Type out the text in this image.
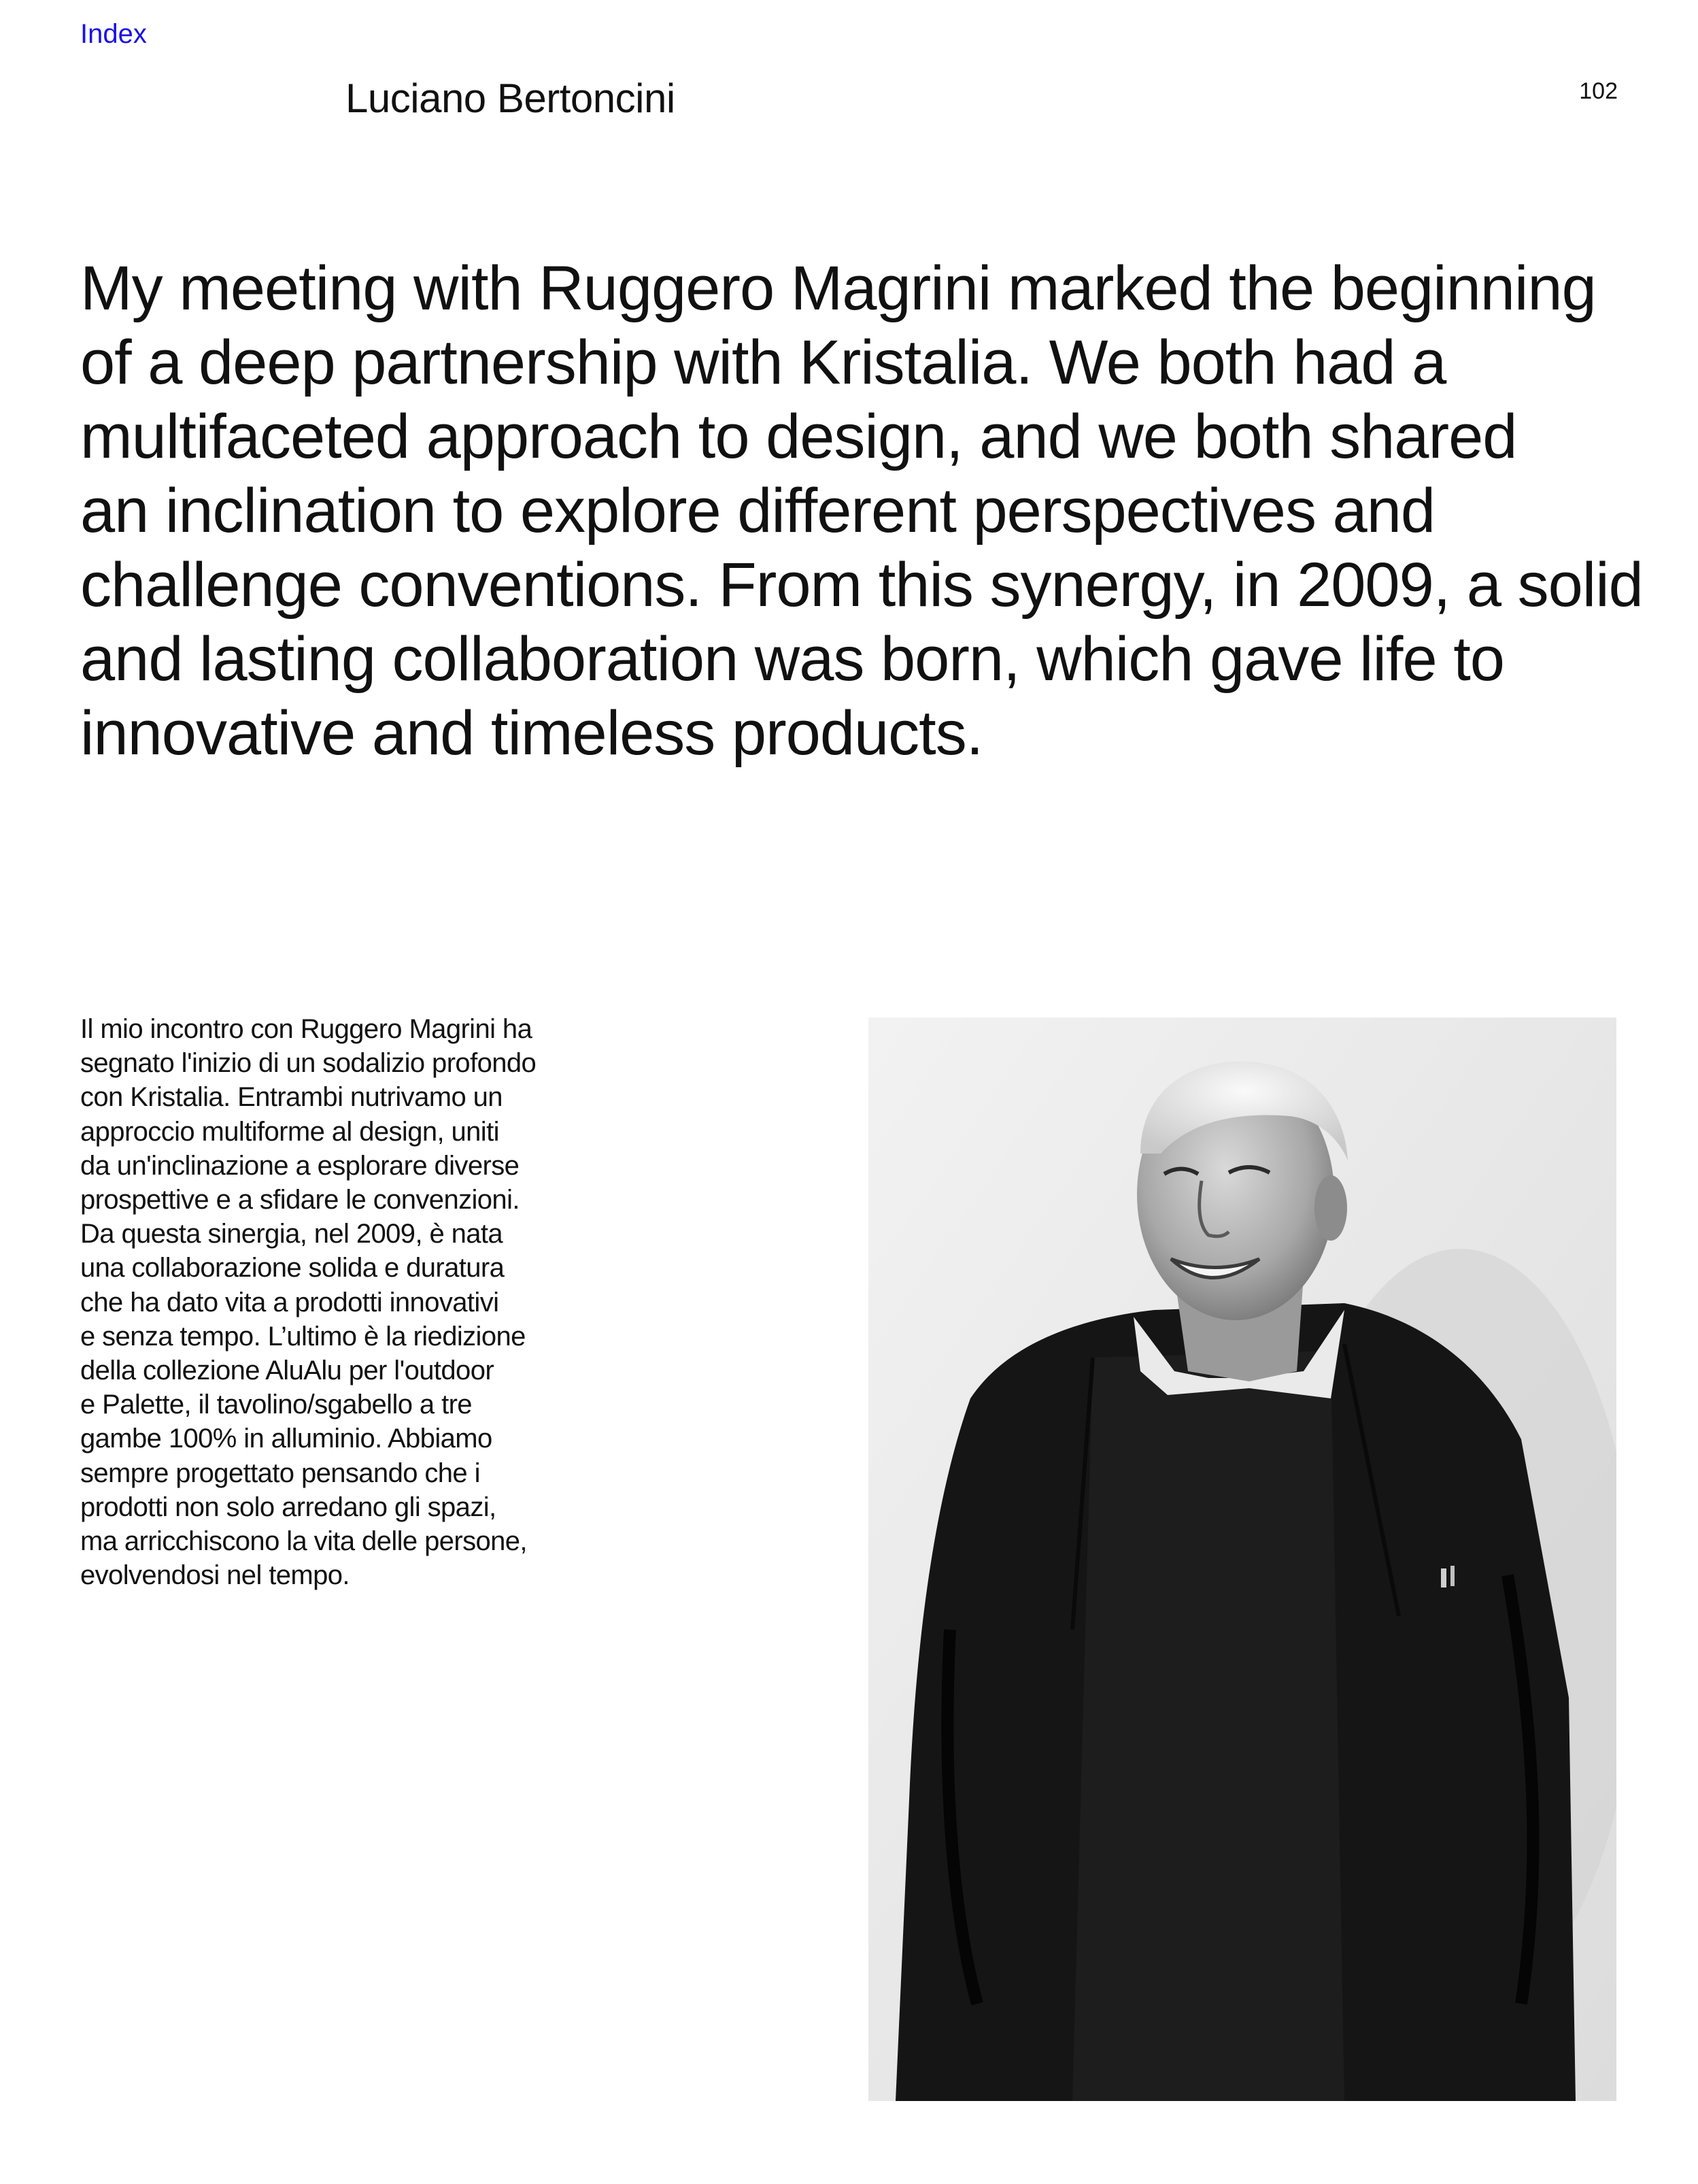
Index
Luciano Bertoncini	102

My meeting with Ruggero Magrini marked the beginning
of a deep partnership with Kristalia. We both had a
multifaceted approach to design, and we both shared
an inclination to explore different perspectives and
challenge conventions. From this synergy, in 2009, a solid
and lasting collaboration was born, which gave life to
innovative and timeless products.

Il mio incontro con Ruggero Magrini ha
segnato l'inizio di un sodalizio profondo
con Kristalia. Entrambi nutrivamo un
approccio multiforme al design, uniti
da un'inclinazione a esplorare diverse
prospettive e a sfidare le convenzioni.
Da questa sinergia, nel 2009, è nata
una collaborazione solida e duratura
che ha dato vita a prodotti innovativi
e senza tempo. L’ultimo è la riedizione
della collezione AluAlu per l'outdoor
e Palette, il tavolino/sgabello a tre
gambe 100% in alluminio. Abbiamo
sempre progettato pensando che i
prodotti non solo arredano gli spazi,
ma arricchiscono la vita delle persone,
evolvendosi nel tempo.
